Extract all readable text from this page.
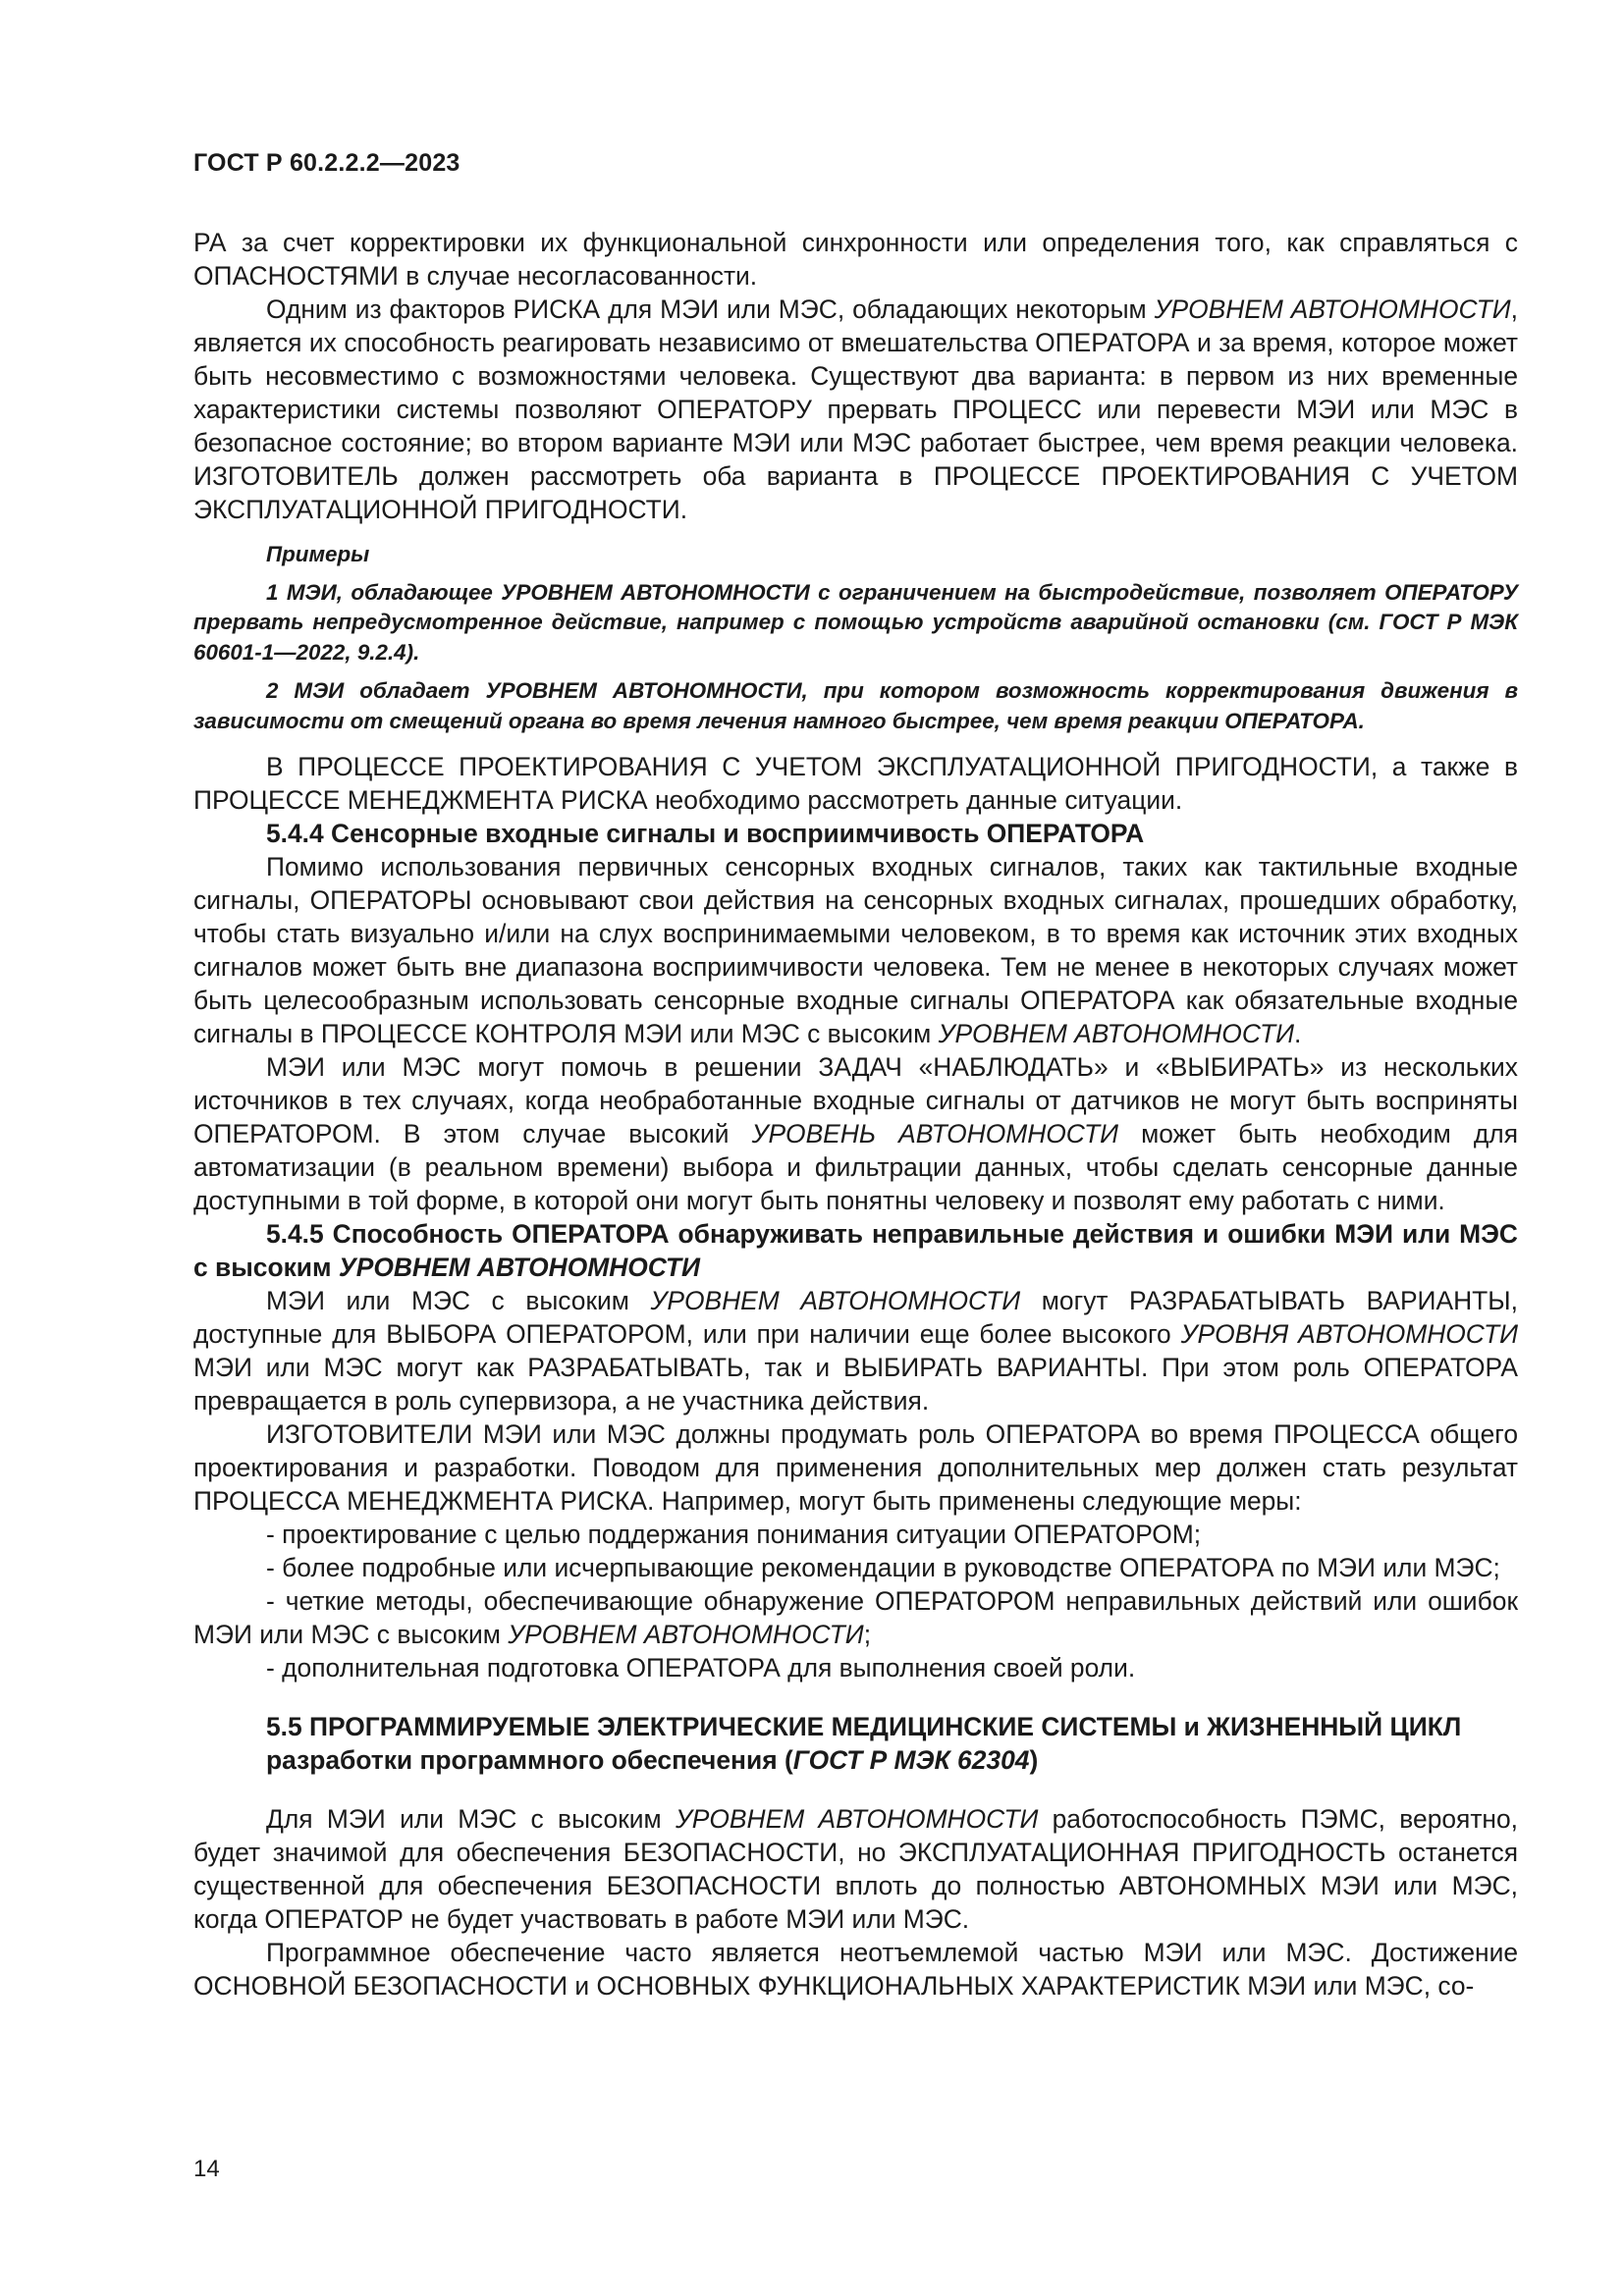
ГОСТ Р 60.2.2.2—2023

РА за счет корректировки их функциональной синхронности или определения того, как справляться с ОПАСНОСТЯМИ в случае несогласованности.

Одним из факторов РИСКА для МЭИ или МЭС, обладающих некоторым УРОВНЕМ АВТОНОМНОСТИ, является их способность реагировать независимо от вмешательства ОПЕРАТОРА и за время, которое может быть несовместимо с возможностями человека. Существуют два варианта: в первом из них временные характеристики системы позволяют ОПЕРАТОРУ прервать ПРОЦЕСС или перевести МЭИ или МЭС в безопасное состояние; во втором варианте МЭИ или МЭС работает быстрее, чем время реакции человека. ИЗГОТОВИТЕЛЬ должен рассмотреть оба варианта в ПРОЦЕССЕ ПРОЕКТИРОВАНИЯ С УЧЕТОМ ЭКСПЛУАТАЦИОННОЙ ПРИГОДНОСТИ.

Примеры

1 МЭИ, обладающее УРОВНЕМ АВТОНОМНОСТИ с ограничением на быстродействие, позволяет ОПЕРАТОРУ прервать непредусмотренное действие, например с помощью устройств аварийной остановки (см. ГОСТ Р МЭК 60601-1—2022, 9.2.4).

2 МЭИ обладает УРОВНЕМ АВТОНОМНОСТИ, при котором возможность корректирования движения в зависимости от смещений органа во время лечения намного быстрее, чем время реакции ОПЕРАТОРА.

В ПРОЦЕССЕ ПРОЕКТИРОВАНИЯ С УЧЕТОМ ЭКСПЛУАТАЦИОННОЙ ПРИГОДНОСТИ, а также в ПРОЦЕССЕ МЕНЕДЖМЕНТА РИСКА необходимо рассмотреть данные ситуации.

5.4.4 Сенсорные входные сигналы и восприимчивость ОПЕРАТОРА

Помимо использования первичных сенсорных входных сигналов, таких как тактильные входные сигналы, ОПЕРАТОРЫ основывают свои действия на сенсорных входных сигналах, прошедших обработку, чтобы стать визуально и/или на слух воспринимаемыми человеком, в то время как источник этих входных сигналов может быть вне диапазона восприимчивости человека. Тем не менее в некоторых случаях может быть целесообразным использовать сенсорные входные сигналы ОПЕРАТОРА как обязательные входные сигналы в ПРОЦЕССЕ КОНТРОЛЯ МЭИ или МЭС с высоким УРОВНЕМ АВТОНОМНОСТИ.

МЭИ или МЭС могут помочь в решении ЗАДАЧ «НАБЛЮДАТЬ» и «ВЫБИРАТЬ» из нескольких источников в тех случаях, когда необработанные входные сигналы от датчиков не могут быть восприняты ОПЕРАТОРОМ. В этом случае высокий УРОВЕНЬ АВТОНОМНОСТИ может быть необходим для автоматизации (в реальном времени) выбора и фильтрации данных, чтобы сделать сенсорные данные доступными в той форме, в которой они могут быть понятны человеку и позволят ему работать с ними.

5.4.5 Способность ОПЕРАТОРА обнаруживать неправильные действия и ошибки МЭИ или МЭС с высоким УРОВНЕМ АВТОНОМНОСТИ

МЭИ или МЭС с высоким УРОВНЕМ АВТОНОМНОСТИ могут РАЗРАБАТЫВАТЬ ВАРИАНТЫ, доступные для ВЫБОРА ОПЕРАТОРОМ, или при наличии еще более высокого УРОВНЯ АВТОНОМНОСТИ МЭИ или МЭС могут как РАЗРАБАТЫВАТЬ, так и ВЫБИРАТЬ ВАРИАНТЫ. При этом роль ОПЕРАТОРА превращается в роль супервизора, а не участника действия.

ИЗГОТОВИТЕЛИ МЭИ или МЭС должны продумать роль ОПЕРАТОРА во время ПРОЦЕССА общего проектирования и разработки. Поводом для применения дополнительных мер должен стать результат ПРОЦЕССА МЕНЕДЖМЕНТА РИСКА. Например, могут быть применены следующие меры:

- проектирование с целью поддержания понимания ситуации ОПЕРАТОРОМ;

- более подробные или исчерпывающие рекомендации в руководстве ОПЕРАТОРА по МЭИ или МЭС;

- четкие методы, обеспечивающие обнаружение ОПЕРАТОРОМ неправильных действий или ошибок МЭИ или МЭС с высоким УРОВНЕМ АВТОНОМНОСТИ;

- дополнительная подготовка ОПЕРАТОРА для выполнения своей роли.

5.5 ПРОГРАММИРУЕМЫЕ ЭЛЕКТРИЧЕСКИЕ МЕДИЦИНСКИЕ СИСТЕМЫ и ЖИЗНЕННЫЙ ЦИКЛ разработки программного обеспечения (ГОСТ Р МЭК 62304)

Для МЭИ или МЭС с высоким УРОВНЕМ АВТОНОМНОСТИ работоспособность ПЭМС, вероятно, будет значимой для обеспечения БЕЗОПАСНОСТИ, но ЭКСПЛУАТАЦИОННАЯ ПРИГОДНОСТЬ останется существенной для обеспечения БЕЗОПАСНОСТИ вплоть до полностью АВТОНОМНЫХ МЭИ или МЭС, когда ОПЕРАТОР не будет участвовать в работе МЭИ или МЭС.

Программное обеспечение часто является неотъемлемой частью МЭИ или МЭС. Достижение ОСНОВНОЙ БЕЗОПАСНОСТИ и ОСНОВНЫХ ФУНКЦИОНАЛЬНЫХ ХАРАКТЕРИСТИК МЭИ или МЭС, со-

14
